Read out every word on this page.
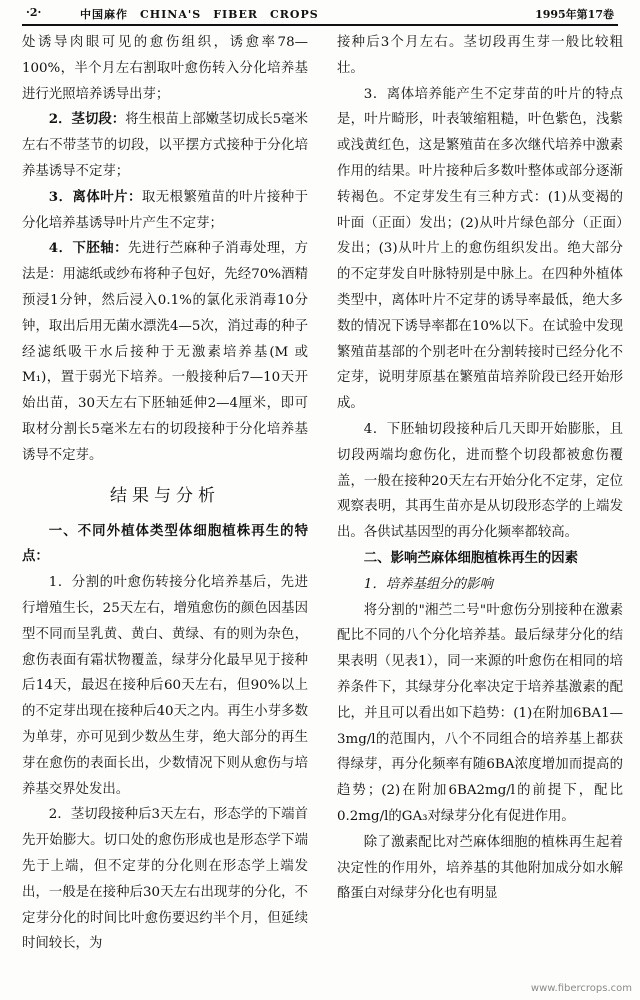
·2·	中国麻作　CHINA'S　FIBER　CROPS	1995年第17卷

处诱导肉眼可见的愈伤组织，诱愈率78—100%，半个月左右割取叶愈伤转入分化培养基进行光照培养诱导出芽；

2．茎切段：将生根苗上部嫩茎切成长5毫米左右不带茎节的切段，以平摆方式接种于分化培养基诱导不定芽；

3．离体叶片：取无根繁殖苗的叶片接种于分化培养基诱导叶片产生不定芽；

4．下胚轴：先进行苎麻种子消毒处理，方法是：用滤纸或纱布将种子包好，先经70%酒精预浸1分钟，然后浸入0.1%的氯化汞消毒10分钟，取出后用无菌水漂洗4—5次，消过毒的种子经滤纸吸干水后接种于无激素培养基(M 或 M₁)，置于弱光下培养。一般接种后7—10天开始出苗，30天左右下胚轴延伸2—4厘米，即可取材分割长5毫米左右的切段接种于分化培养基诱导不定芽。

结果与分析

一、不同外植体类型体细胞植株再生的特点：

1．分割的叶愈伤转接分化培养基后，先进行增殖生长，25天左右，增殖愈伤的颜色因基因型不同而呈乳黄、黄白、黄绿、有的则为杂色，愈伤表面有霜状物覆盖，绿芽分化最早见于接种后14天，最迟在接种后60天左右，但90%以上的不定芽出现在接种后40天之内。再生小芽多数为单芽，亦可见到少数丛生芽，绝大部分的再生芽在愈伤的表面长出，少数情况下则从愈伤与培养基交界处发出。

2．茎切段接种后3天左右，形态学的下端首先开始膨大。切口处的愈伤形成也是形态学下端先于上端，但不定芽的分化则在形态学上端发出，一般是在接种后30天左右出现芽的分化，不定芽分化的时间比叶愈伤要迟约半个月，但延续时间较长，为

接种后3个月左右。茎切段再生芽一般比较粗壮。

3．离体培养能产生不定芽苗的叶片的特点是，叶片畸形，叶表皱缩粗糙，叶色紫色，浅紫或浅黄红色，这是繁殖苗在多次继代培养中激素作用的结果。叶片接种后多数叶整体或部分逐渐转褐色。不定芽发生有三种方式：(1)从变褐的叶面（正面）发出；(2)从叶片绿色部分（正面）发出；(3)从叶片上的愈伤组织发出。绝大部分的不定芽发自叶脉特别是中脉上。在四种外植体类型中，离体叶片不定芽的诱导率最低，绝大多数的情况下诱导率都在10%以下。在试验中发现繁殖苗基部的个别老叶在分割转接时已经分化不定芽，说明芽原基在繁殖苗培养阶段已经开始形成。

4．下胚轴切段接种后几天即开始膨胀，且切段两端均愈伤化，进而整个切段都被愈伤覆盖，一般在接种20天左右开始分化不定芽，定位观察表明，其再生苗亦是从切段形态学的上端发出。各供试基因型的再分化频率都较高。

二、影响苎麻体细胞植株再生的因素

1．培养基组分的影响

将分割的"湘苎二号"叶愈伤分别接种在激素配比不同的八个分化培养基。最后绿芽分化的结果表明（见表1），同一来源的叶愈伤在相同的培养条件下，其绿芽分化率决定于培养基激素的配比，并且可以看出如下趋势：(1)在附加6BA1—3mg/l的范围内，八个不同组合的培养基上都获得绿芽，再分化频率有随6BA浓度增加而提高的趋势；(2)在附加6BA2mg/l的前提下，配比0.2mg/l的GA₃对绿芽分化有促进作用。

除了激素配比对苎麻体细胞的植株再生起着决定性的作用外，培养基的其他附加成分如水解酪蛋白对绿芽分化也有明显

www.fibercrops.com
